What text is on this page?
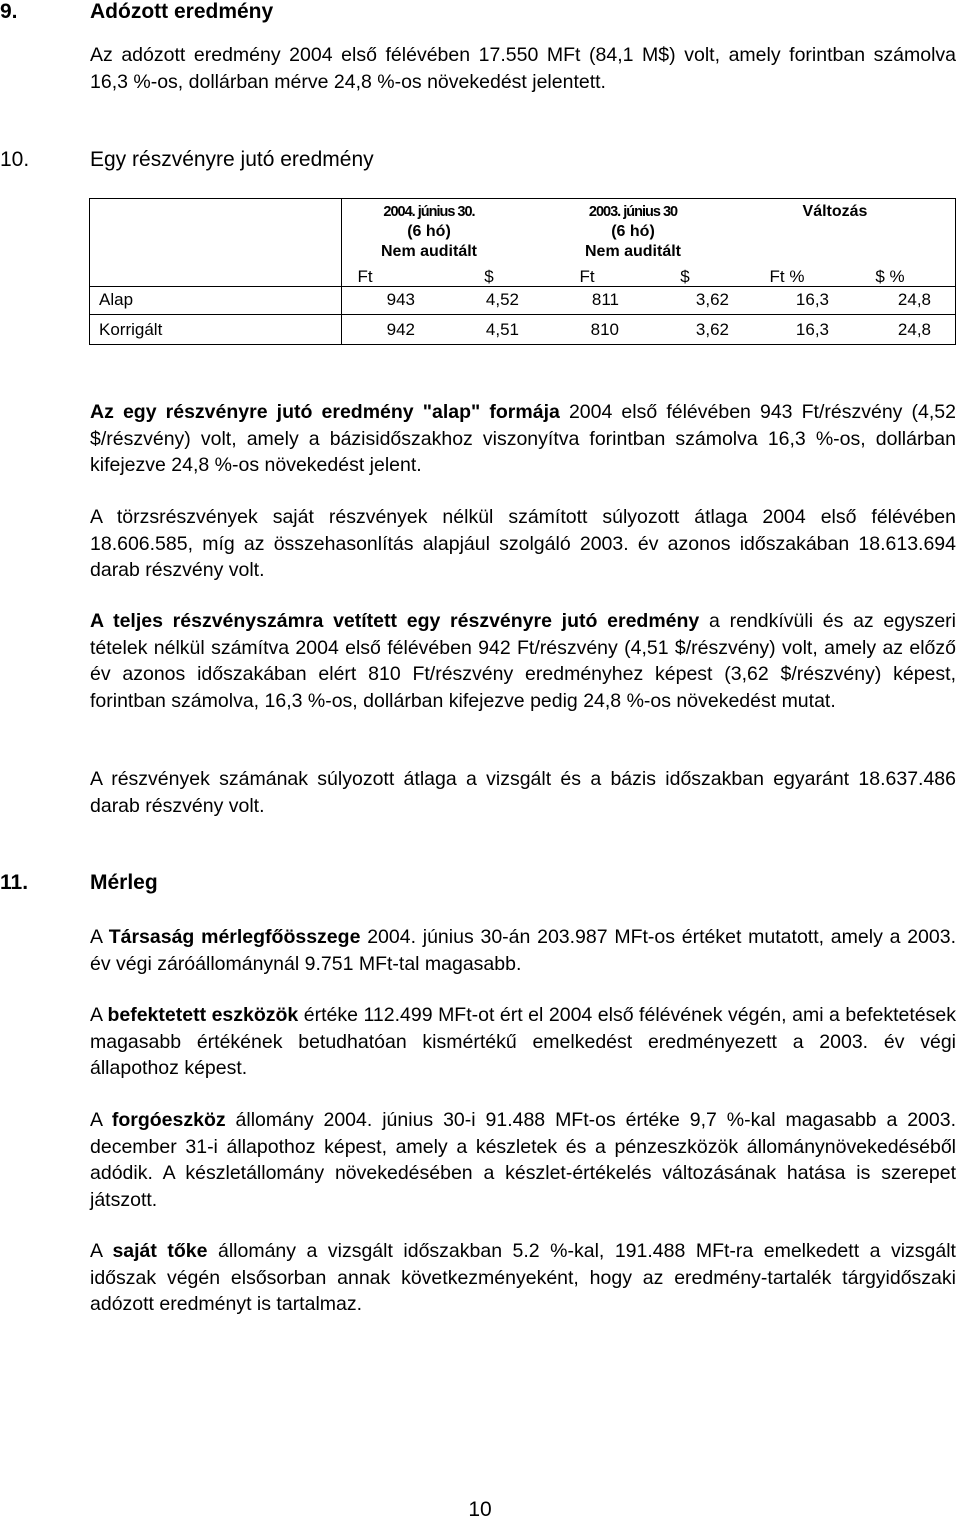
9.	Adózott eredmény
Az adózott eredmény 2004 első félévében 17.550 MFt (84,1 M$) volt, amely forintban számolva 16,3 %-os, dollárban mérve 24,8 %-os növekedést jelentett.
10.	Egy részvényre jutó eredmény
2004. június 30.
(6 hó)
Nem auditált
2003. június 30
(6 hó)
Nem auditált
Változás
Ft	$	Ft	$	Ft %	$ %
Alap	943	4,52	811	3,62	16,3	24,8
Korrigált	942	4,51	810	3,62	16,3	24,8
Az egy részvényre jutó eredmény "alap" formája 2004 első félévében 943 Ft/részvény (4,52 $/részvény) volt, amely a bázisidőszakhoz viszonyítva forintban számolva 16,3 %-os, dollárban kifejezve 24,8 %-os növekedést jelent.
A törzsrészvények saját részvények nélkül számított súlyozott átlaga 2004 első félévében 18.606.585, míg az összehasonlítás alapjául szolgáló 2003. év azonos időszakában 18.613.694 darab részvény volt.
A teljes részvényszámra vetített egy részvényre jutó eredmény a rendkívüli és az egyszeri tételek nélkül számítva 2004 első félévében 942 Ft/részvény (4,51 $/részvény) volt, amely az előző év azonos időszakában elért 810 Ft/részvény eredményhez képest (3,62 $/részvény) képest, forintban számolva, 16,3 %-os, dollárban kifejezve pedig 24,8 %-os növekedést mutat.
A részvények számának súlyozott átlaga a vizsgált és a bázis időszakban egyaránt 18.637.486 darab részvény volt.
11.	Mérleg
A Társaság mérlegfőösszege 2004. június 30-án 203.987 MFt-os értéket mutatott, amely a 2003. év végi záróállománynál 9.751 MFt-tal magasabb.
A befektetett eszközök értéke 112.499 MFt-ot ért el 2004 első félévének végén, ami a befektetések magasabb értékének betudhatóan kismértékű emelkedést eredményezett a 2003. év végi állapothoz képest.
A forgóeszköz állomány 2004. június 30-i 91.488 MFt-os értéke 9,7 %-kal magasabb a 2003. december 31-i állapothoz képest, amely a készletek és a pénzeszközök állománynövekedéséből adódik. A készletállomány növekedésében a készlet-értékelés változásának hatása is szerepet játszott.
A saját tőke állomány a vizsgált időszakban 5.2 %-kal, 191.488 MFt-ra emelkedett a vizsgált időszak végén elsősorban annak következményeként, hogy az eredmény-tartalék tárgyidőszaki adózott eredményt is tartalmaz.
10
